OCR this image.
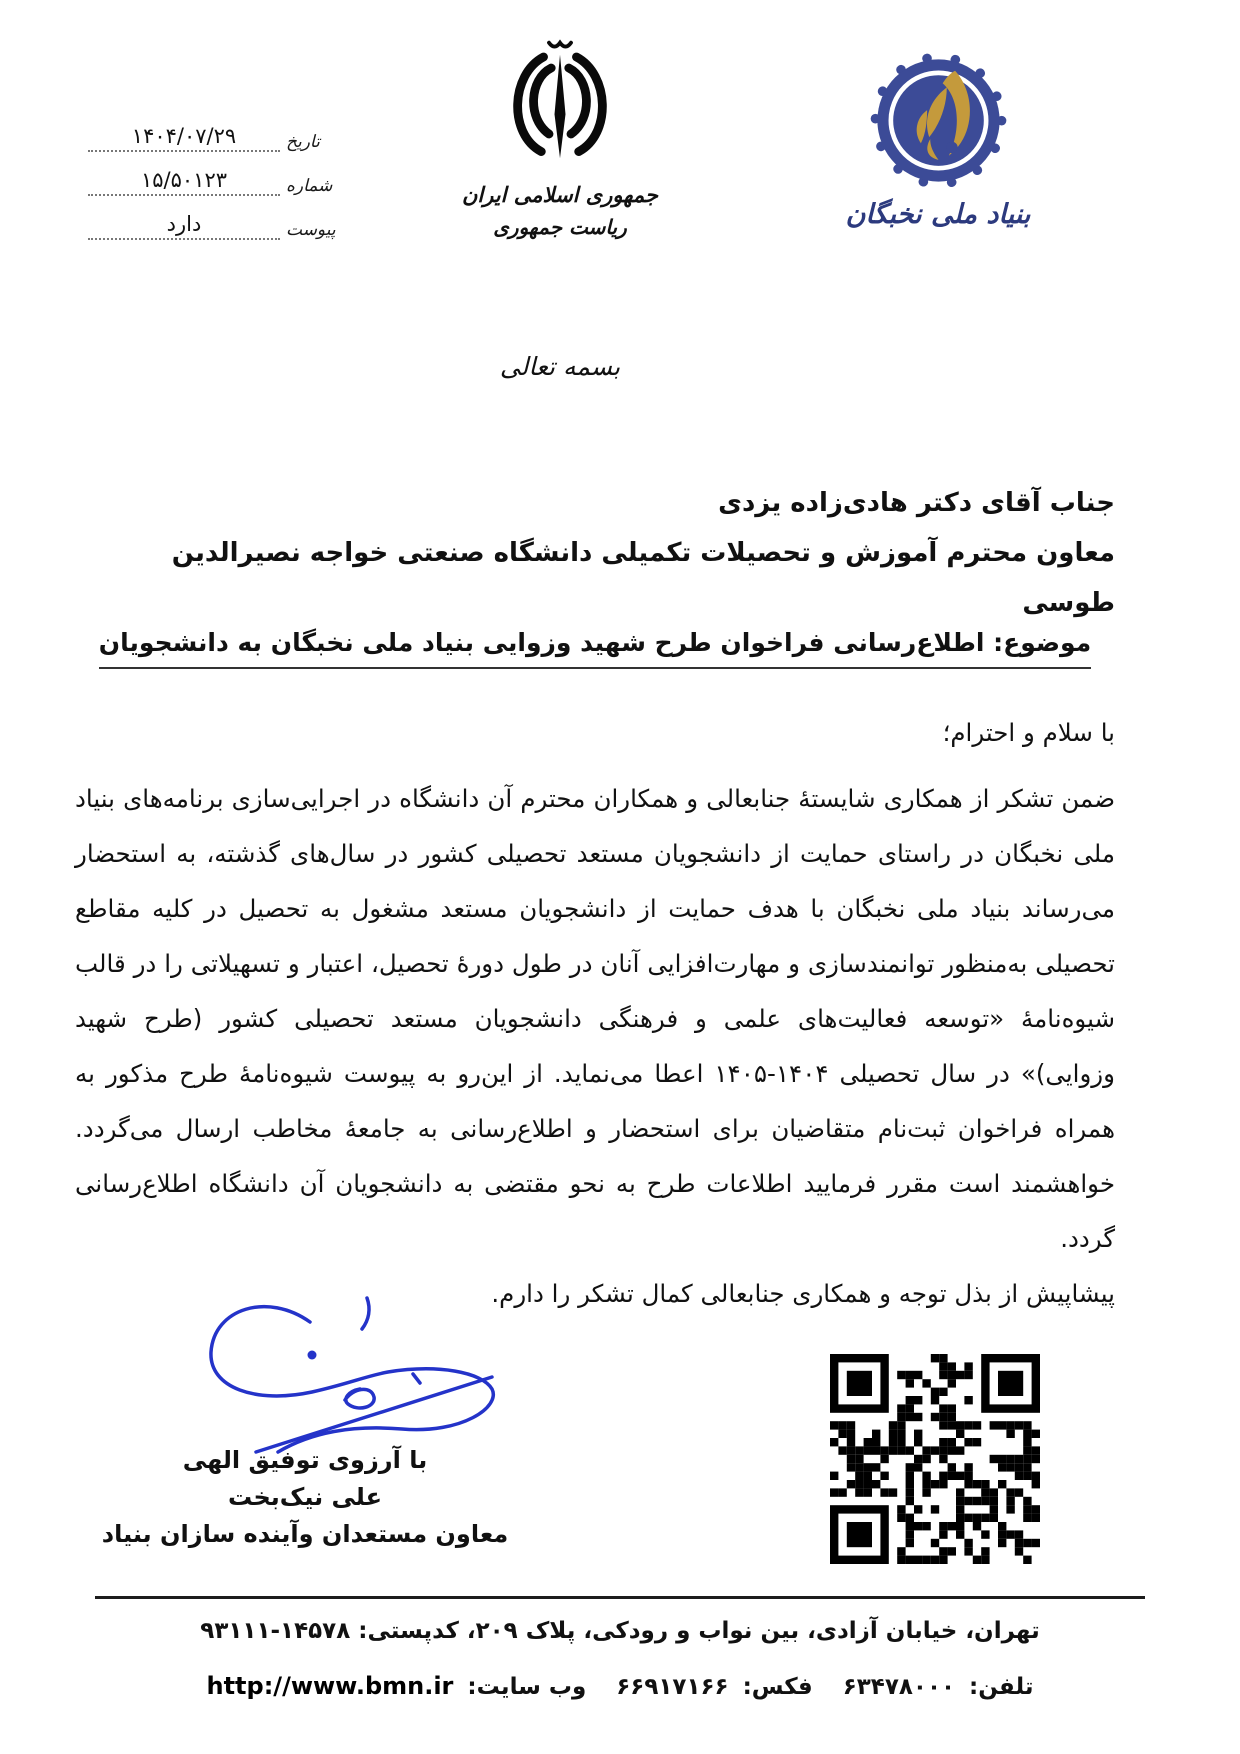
تاریخ
۱۴۰۴/۰۷/۲۹
شماره
۱۵/۵۰۱۲۳
پیوست
دارد
جمهوری اسلامی ایران
ریاست جمهوری	بنیاد ملی نخبگان
بسمه تعالی
جناب آقای دکتر هادی‌زاده یزدی
معاون محترم آموزش و تحصیلات تکمیلی دانشگاه صنعتی خواجه نصیرالدین طوسی
موضوع: اطلاع‌رسانی فراخوان طرح شهید وزوایی بنیاد ملی نخبگان به دانشجویان
با سلام و احترام؛
ضمن تشکر از همکاری شایستهٔ جنابعالی و همکاران محترم آن دانشگاه در اجرایی‌سازی برنامه‌های بنیاد ملی نخبگان در راستای حمایت از دانشجویان مستعد تحصیلی کشور در سال‌های گذشته، به استحضار می‌رساند بنیاد ملی نخبگان با هدف حمایت از دانشجویان مستعد مشغول به تحصیل در کلیه مقاطع تحصیلی به‌منظور توانمندسازی و مهارت‌افزایی آنان در طول دورهٔ تحصیل، اعتبار و تسهیلاتی را در قالب شیوه‌نامهٔ «توسعه فعالیت‌های علمی و فرهنگی دانشجویان مستعد تحصیلی کشور (طرح شهید وزوایی)» در سال تحصیلی ۱۴۰۴-۱۴۰۵ اعطا می‌نماید. از این‌رو به پیوست شیوه‌نامهٔ طرح مذکور به همراه فراخوان ثبت‌نام متقاضیان برای استحضار و اطلاع‌رسانی به جامعهٔ مخاطب ارسال می‌گردد. خواهشمند است مقرر فرمایید اطلاعات طرح به نحو مقتضی به دانشجویان آن دانشگاه اطلاع‌رسانی گردد.
پیشاپیش از بذل توجه و همکاری جنابعالی کمال تشکر را دارم.
با آرزوی توفیق الهی
علی نیک‌بخت
معاون مستعدان وآینده سازان بنیاد
تهران، خیابان آزادی، بین نواب و رودکی، پلاک ۲۰۹، کدپستی: ۱۴۵۷۸-۹۳۱۱۱
تلفن:
۶۳۴۷۸۰۰۰
فکس:
۶۶۹۱۷۱۶۶
وب سایت:
http://www.bmn.ir
